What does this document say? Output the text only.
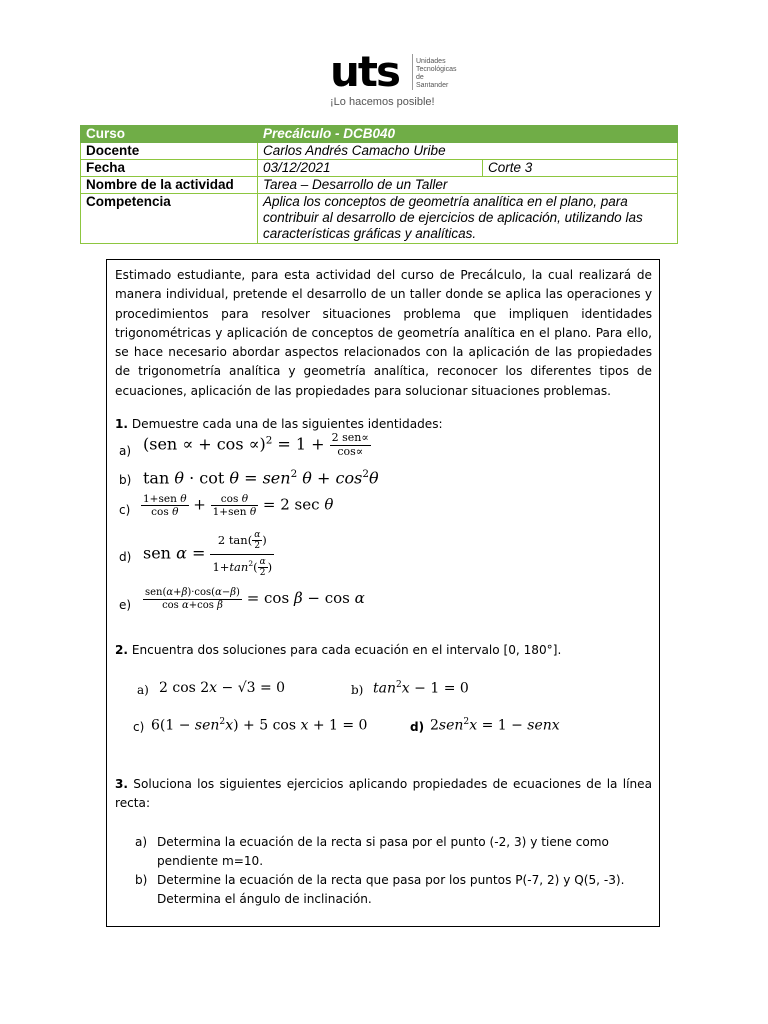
uts Unidades
Tecnológicas
de Santander
¡Lo hacemos posible!
Curso	Precálculo - DCB040	
Docente	Carlos Andrés Camacho Uribe	
Fecha	03/12/2021	Corte 3
Nombre de la actividad	Tarea – Desarrollo de un Taller	
Competencia	Aplica los conceptos de geometría analítica en el plano, para contribuir al desarrollo de ejercicios de aplicación, utilizando las características gráficas y analíticas.	

Estimado estudiante, para esta actividad del curso de Precálculo, la cual realizará de manera individual, pretende el desarrollo de un taller donde se aplica las operaciones y procedimientos para resolver situaciones problema que impliquen identidades trigonométricas y aplicación de conceptos de geometría analítica en el plano. Para ello, se hace necesario abordar aspectos relacionados con la aplicación de las propiedades de trigonometría analítica y geometría analítica, reconocer los diferentes tipos de ecuaciones, aplicación de las propiedades para solucionar situaciones problemas.

1. Demuestre cada una de las siguientes identidades:

a) (sen ∝ + $\cos \propto)^2 = 1 + \frac{\text{2 sen∝}}{\cos\propto}$
b) tan θ · cot θ = sen$^2$ $\theta + \cos^2\theta$
$c) \frac{\text{1+sen θ}}{\text{cos θ}} + \frac{\text{cos θ}}{\text{1+sen θ}} = 2$ sec θ
d) sen $\alpha = \frac{2 \tan( \frac{\alpha}{2} )}{1+\tan^2( \frac{\alpha}{2} )}$
$e) \frac{\text{sen(α+β)·cos(α−β)}}{\text{cos α+cos β}} = \cos \beta - \cos \alpha$

2. Encuentra dos soluciones para cada ecuación en el intervalo [0, 180°].

a) 2 cos 2x − √3 = 0	b) $\tan^2x - 1 = 0$
c) 6(1 − sen$^2$x) + 5 cos x + 1 = 0	d) 2sen$^2$x = 1 − senx

3. Soluciona los siguientes ejercicios aplicando propiedades de ecuaciones de la línea recta:

a) Determina la ecuación de la recta si pasa por el punto (-2, 3) y tiene como pendiente m=10.
b) Determine la ecuación de la recta que pasa por los puntos P(-7, 2) y Q(5, -3). Determina el ángulo de inclinación.
